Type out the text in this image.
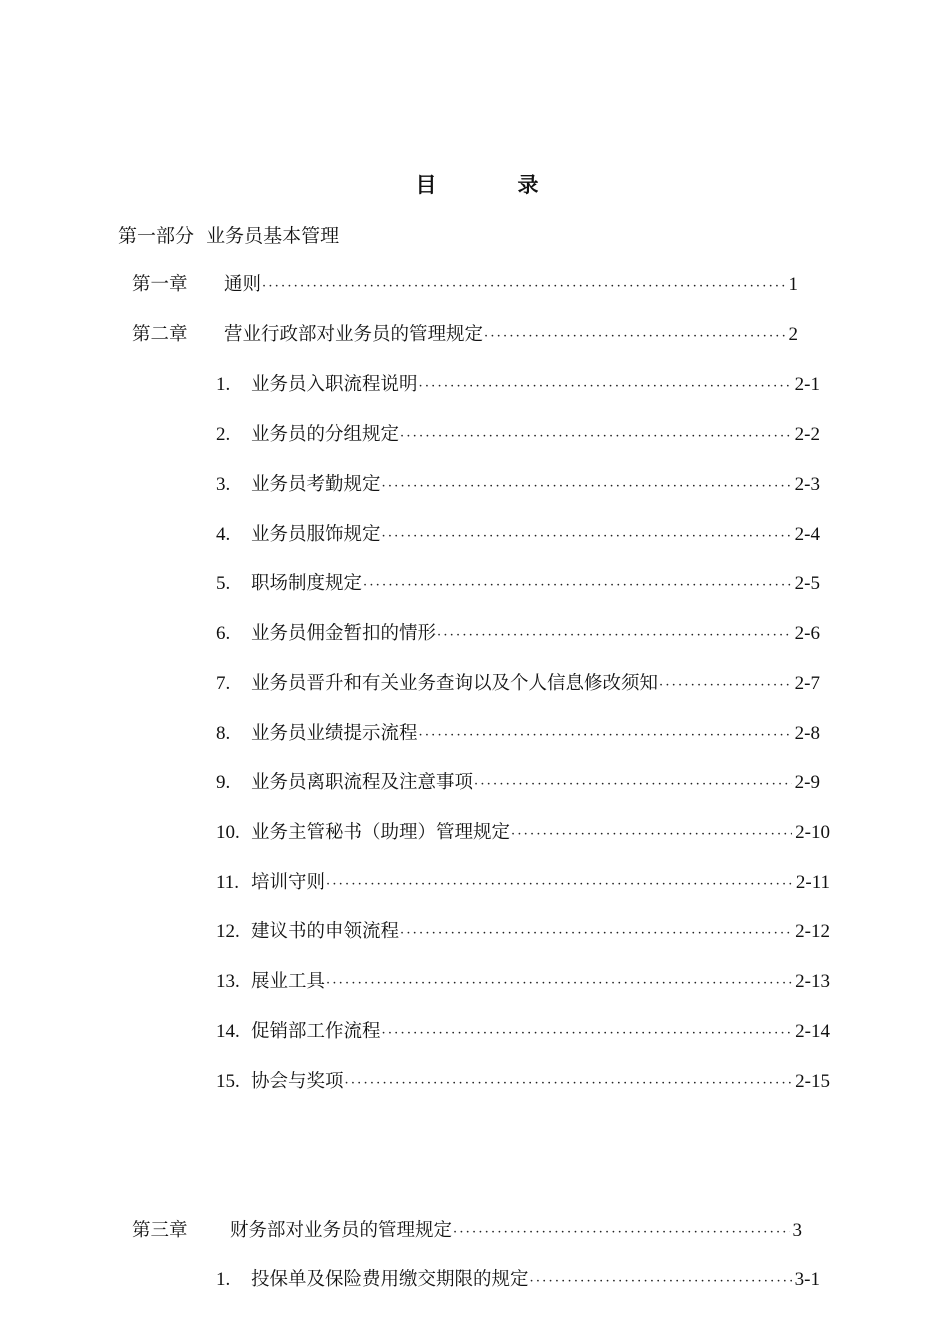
目　录
第一部分  业务员基本管理
第一章	通则 ·····	1
第二章	营业行政部对业务员的管理规定 ·····	2
1.	业务员入职流程说明 ·····	2-1
2.	业务员的分组规定 ·····	2-2
3.	业务员考勤规定 ·····	2-3
4.	业务员服饰规定 ·····	2-4
5.	职场制度规定 ·····	2-5
6.	业务员佣金暂扣的情形 ·····	2-6
7.	业务员晋升和有关业务查询以及个人信息修改须知 ·····	2-7
8.	业务员业绩提示流程 ·····	2-8
9.	业务员离职流程及注意事项 ·····	2-9
10. 业务主管秘书（助理）管理规定 ·····	2-10
11. 培训守则 ·····	2-11
12. 建议书的申领流程 ·····	2-12
13. 展业工具 ·····	2-13
14. 促销部工作流程 ·····	2-14
15. 协会与奖项 ·····	2-15
第三章	财务部对业务员的管理规定 ·····	3
1.	投保单及保险费用缴交期限的规定 ·····	3-1
